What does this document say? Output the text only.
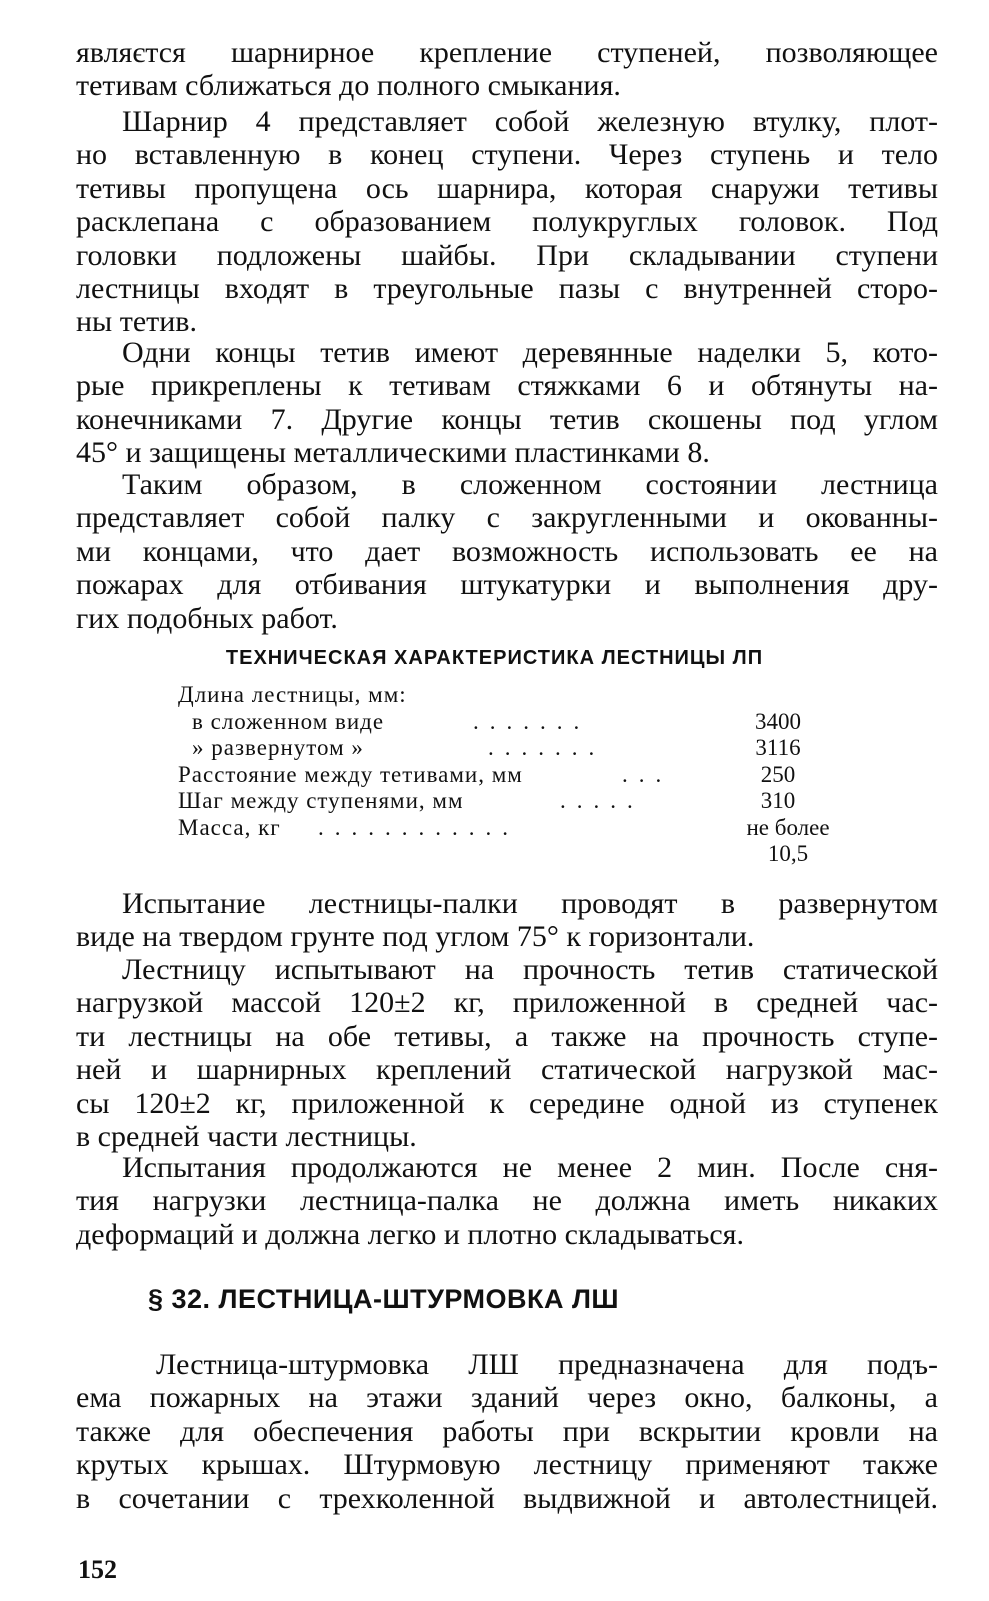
являєтся шарнирное крепление ступеней, позволяющее
тетивам сближаться до полного смыкания.

Шарнир 4 представляет собой железную втулку, плот-
но вставленную в конец ступени. Через ступень и тело
тетивы пропущена ось шарнира, которая снаружи тетивы
расклепана с образованием полукруглых головок. Под
головки подложены шайбы. При складывании ступени
лестницы входят в треугольные пазы с внутренней сторо-
ны тетив.

Одни концы тетив имеют деревянные наделки 5, кото-
рые прикреплены к тетивам стяжками 6 и обтянуты на-
конечниками 7. Другие концы тетив скошены под углом
45° и защищены металлическими пластинками 8.

Таким образом, в сложенном состоянии лестница
представляет собой палку с закругленными и окованны-
ми концами, что дает возможность использовать ее на
пожарах для отбивания штукатурки и выполнения дру-
гих подобных работ.

ТЕХНИЧЕСКАЯ ХАРАКТЕРИСТИКА ЛЕСТНИЦЫ ЛП
Длина лестницы, мм:
в сложенном виде	.......	3400
» развернутом »	.......	3116
Расстояние между тетивами, мм	...	250
Шаг между ступенями, мм	.....	310
Масса, кг ............	не более
10,5

Испытание лестницы-палки проводят в развернутом
виде на твердом грунте под углом 75° к горизонтали.

Лестницу испытывают на прочность тетив статической
нагрузкой массой 120±2 кг, приложенной в средней час-
ти лестницы на обе тетивы, а также на прочность ступе-
ней и шарнирных креплений статической нагрузкой мас-
сы 120±2 кг, приложенной к середине одной из ступенек
в средней части лестницы.

Испытания продолжаются не менее 2 мин. После сня-
тия нагрузки лестница-палка не должна иметь никаких
деформаций и должна легко и плотно складываться.

§ 32. ЛЕСТНИЦА-ШТУРМОВКА ЛШ

Лестница-штурмовка ЛШ предназначена для подъ-
ема пожарных на этажи зданий через окно, балконы, а
также для обеспечения работы при вскрытии кровли на
крутых крышах. Штурмовую лестницу применяют также
в сочетании с трехколенной выдвижной и автолестницей.

152
